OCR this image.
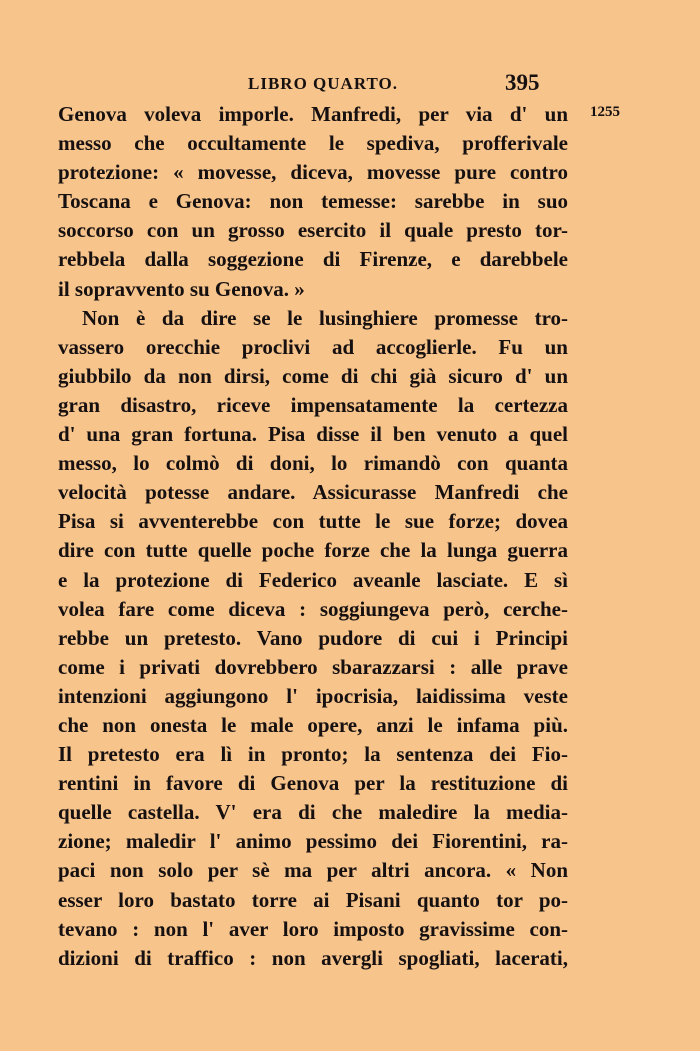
LIBRO QUARTO.	395
1255
Genova voleva imporle. Manfredi, per via d' un
messo che occultamente le spediva, profferivale
protezione: « movesse, diceva, movesse pure contro
Toscana e Genova: non temesse: sarebbe in suo
soccorso con un grosso esercito il quale presto tor-
rebbela dalla soggezione di Firenze, e darebbele
il sopravvento su Genova. »
Non è da dire se le lusinghiere promesse tro-
vassero orecchie proclivi ad accoglierle. Fu un
giubbilo da non dirsi, come di chi già sicuro d' un
gran disastro, riceve impensatamente la certezza
d' una gran fortuna. Pisa disse il ben venuto a quel
messo, lo colmò di doni, lo rimandò con quanta
velocità potesse andare. Assicurasse Manfredi che
Pisa si avventerebbe con tutte le sue forze; dovea
dire con tutte quelle poche forze che la lunga guerra
e la protezione di Federico aveanle lasciate. E sì
volea fare come diceva : soggiungeva però, cerche-
rebbe un pretesto. Vano pudore di cui i Principi
come i privati dovrebbero sbarazzarsi : alle prave
intenzioni aggiungono l' ipocrisia, laidissima veste
che non onesta le male opere, anzi le infama più.
Il pretesto era lì in pronto; la sentenza dei Fio-
rentini in favore di Genova per la restituzione di
quelle castella. V' era di che maledire la media-
zione; maledir l' animo pessimo dei Fiorentini, ra-
paci non solo per sè ma per altri ancora. « Non
esser loro bastato torre ai Pisani quanto tor po-
tevano : non l' aver loro imposto gravissime con-
dizioni di traffico : non avergli spogliati, lacerati,
